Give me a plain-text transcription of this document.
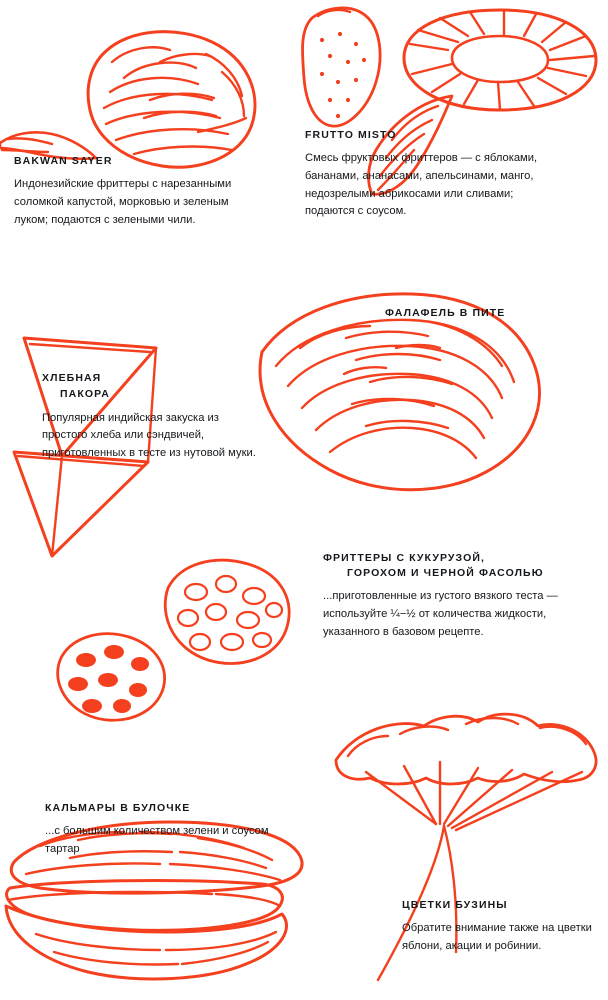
BAKWAN SAYER

Индонезийские фриттеры с нарезанными соломкой капустой, морковью и зеленым луком; подаются с зелеными чили.

FRUTTO MISTO

Смесь фруктовых фриттеров — с яблоками, бананами, ананасами, апельсинами, манго, недозрелыми абрикосами или сливами; подаются с соусом.

ФАЛАФЕЛЬ В ПИТЕ
ХЛЕБНАЯ
ПАКОРА

Популярная индийская закуска из простого хлеба или сэндвичей, приготовленных в тесте из нутовой муки.

ФРИТТЕРЫ С КУКУРУЗОЙ,
ГОРОХОМ И ЧЕРНОЙ ФАСОЛЬЮ

...приготовленные из густого вязкого теста — используйте ¼−½ от количества жидкости, указанного в базовом рецепте.

КАЛЬМАРЫ В БУЛОЧКЕ

...с большим количеством зелени и соусом тартар

ЦВЕТКИ БУЗИНЫ

Обратите внимание также на цветки яблони, акации и робинии.
